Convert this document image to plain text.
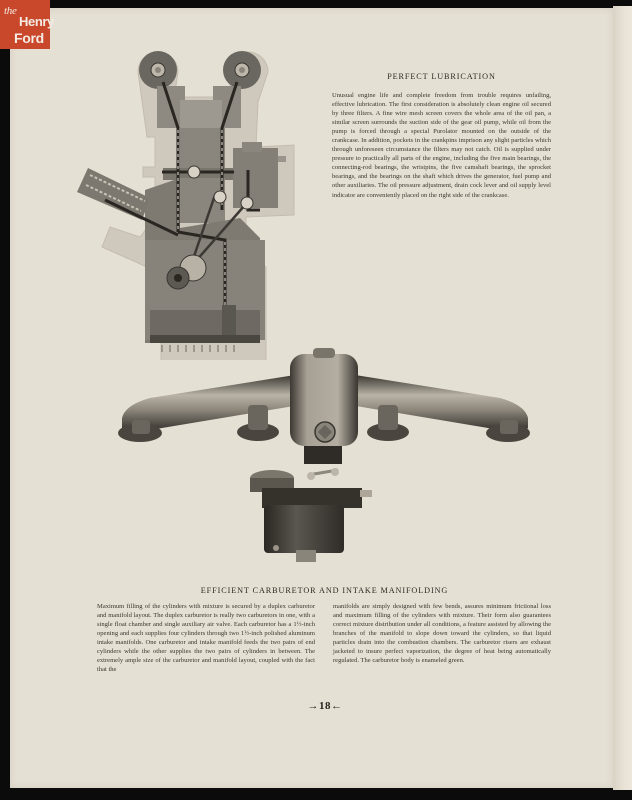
the
Henry
Ford
PERFECT LUBRICATION
Unusual engine life and complete freedom from trouble requires unfailing, effective lubrication. The first consideration is absolutely clean engine oil secured by three filters. A fine wire mesh screen covers the whole area of the oil pan, a similar screen surrounds the suction side of the gear oil pump, while oil from the pump is forced through a special Purolator mounted on the outside of the crankcase. In addition, pockets in the crankpins imprison any slight particles which through unforeseen circumstance the filters may not catch. Oil is supplied under pressure to practically all parts of the engine, including the five main bearings, the connecting-rod bearings, the wristpins, the five camshaft bearings, the sprocket bearings, and the bearings on the shaft which drives the generator, fuel pump and other auxiliaries. The oil pressure adjustment, drain cock lever and oil supply level indicator are conveniently placed on the right side of the crankcase.
EFFICIENT CARBURETOR AND INTAKE MANIFOLDING
Maximum filling of the cylinders with mixture is secured by a duplex carburetor and manifold layout. The duplex carburetor is really two carburetors in one, with a single float chamber and single auxiliary air valve. Each carburetor has a 1½-inch opening and each supplies four cylinders through two 1½-inch polished aluminum intake manifolds. One carburetor and intake manifold feeds the two pairs of end cylinders while the other supplies the two pairs of cylinders in between. The extremely ample size of the carburetor and manifold layout, coupled with the fact that the
manifolds are simply designed with few bends, assures minimum frictional loss and maximum filling of the cylinders with mixture. Their form also guarantees correct mixture distribution under all conditions, a feature assisted by allowing the branches of the manifold to slope down toward the cylinders, so that liquid particles drain into the combustion chambers. The carburetor risers are exhaust jacketed to insure perfect vaporization, the degree of heat being automatically regulated. The carburetor body is enameled green.
→18←
